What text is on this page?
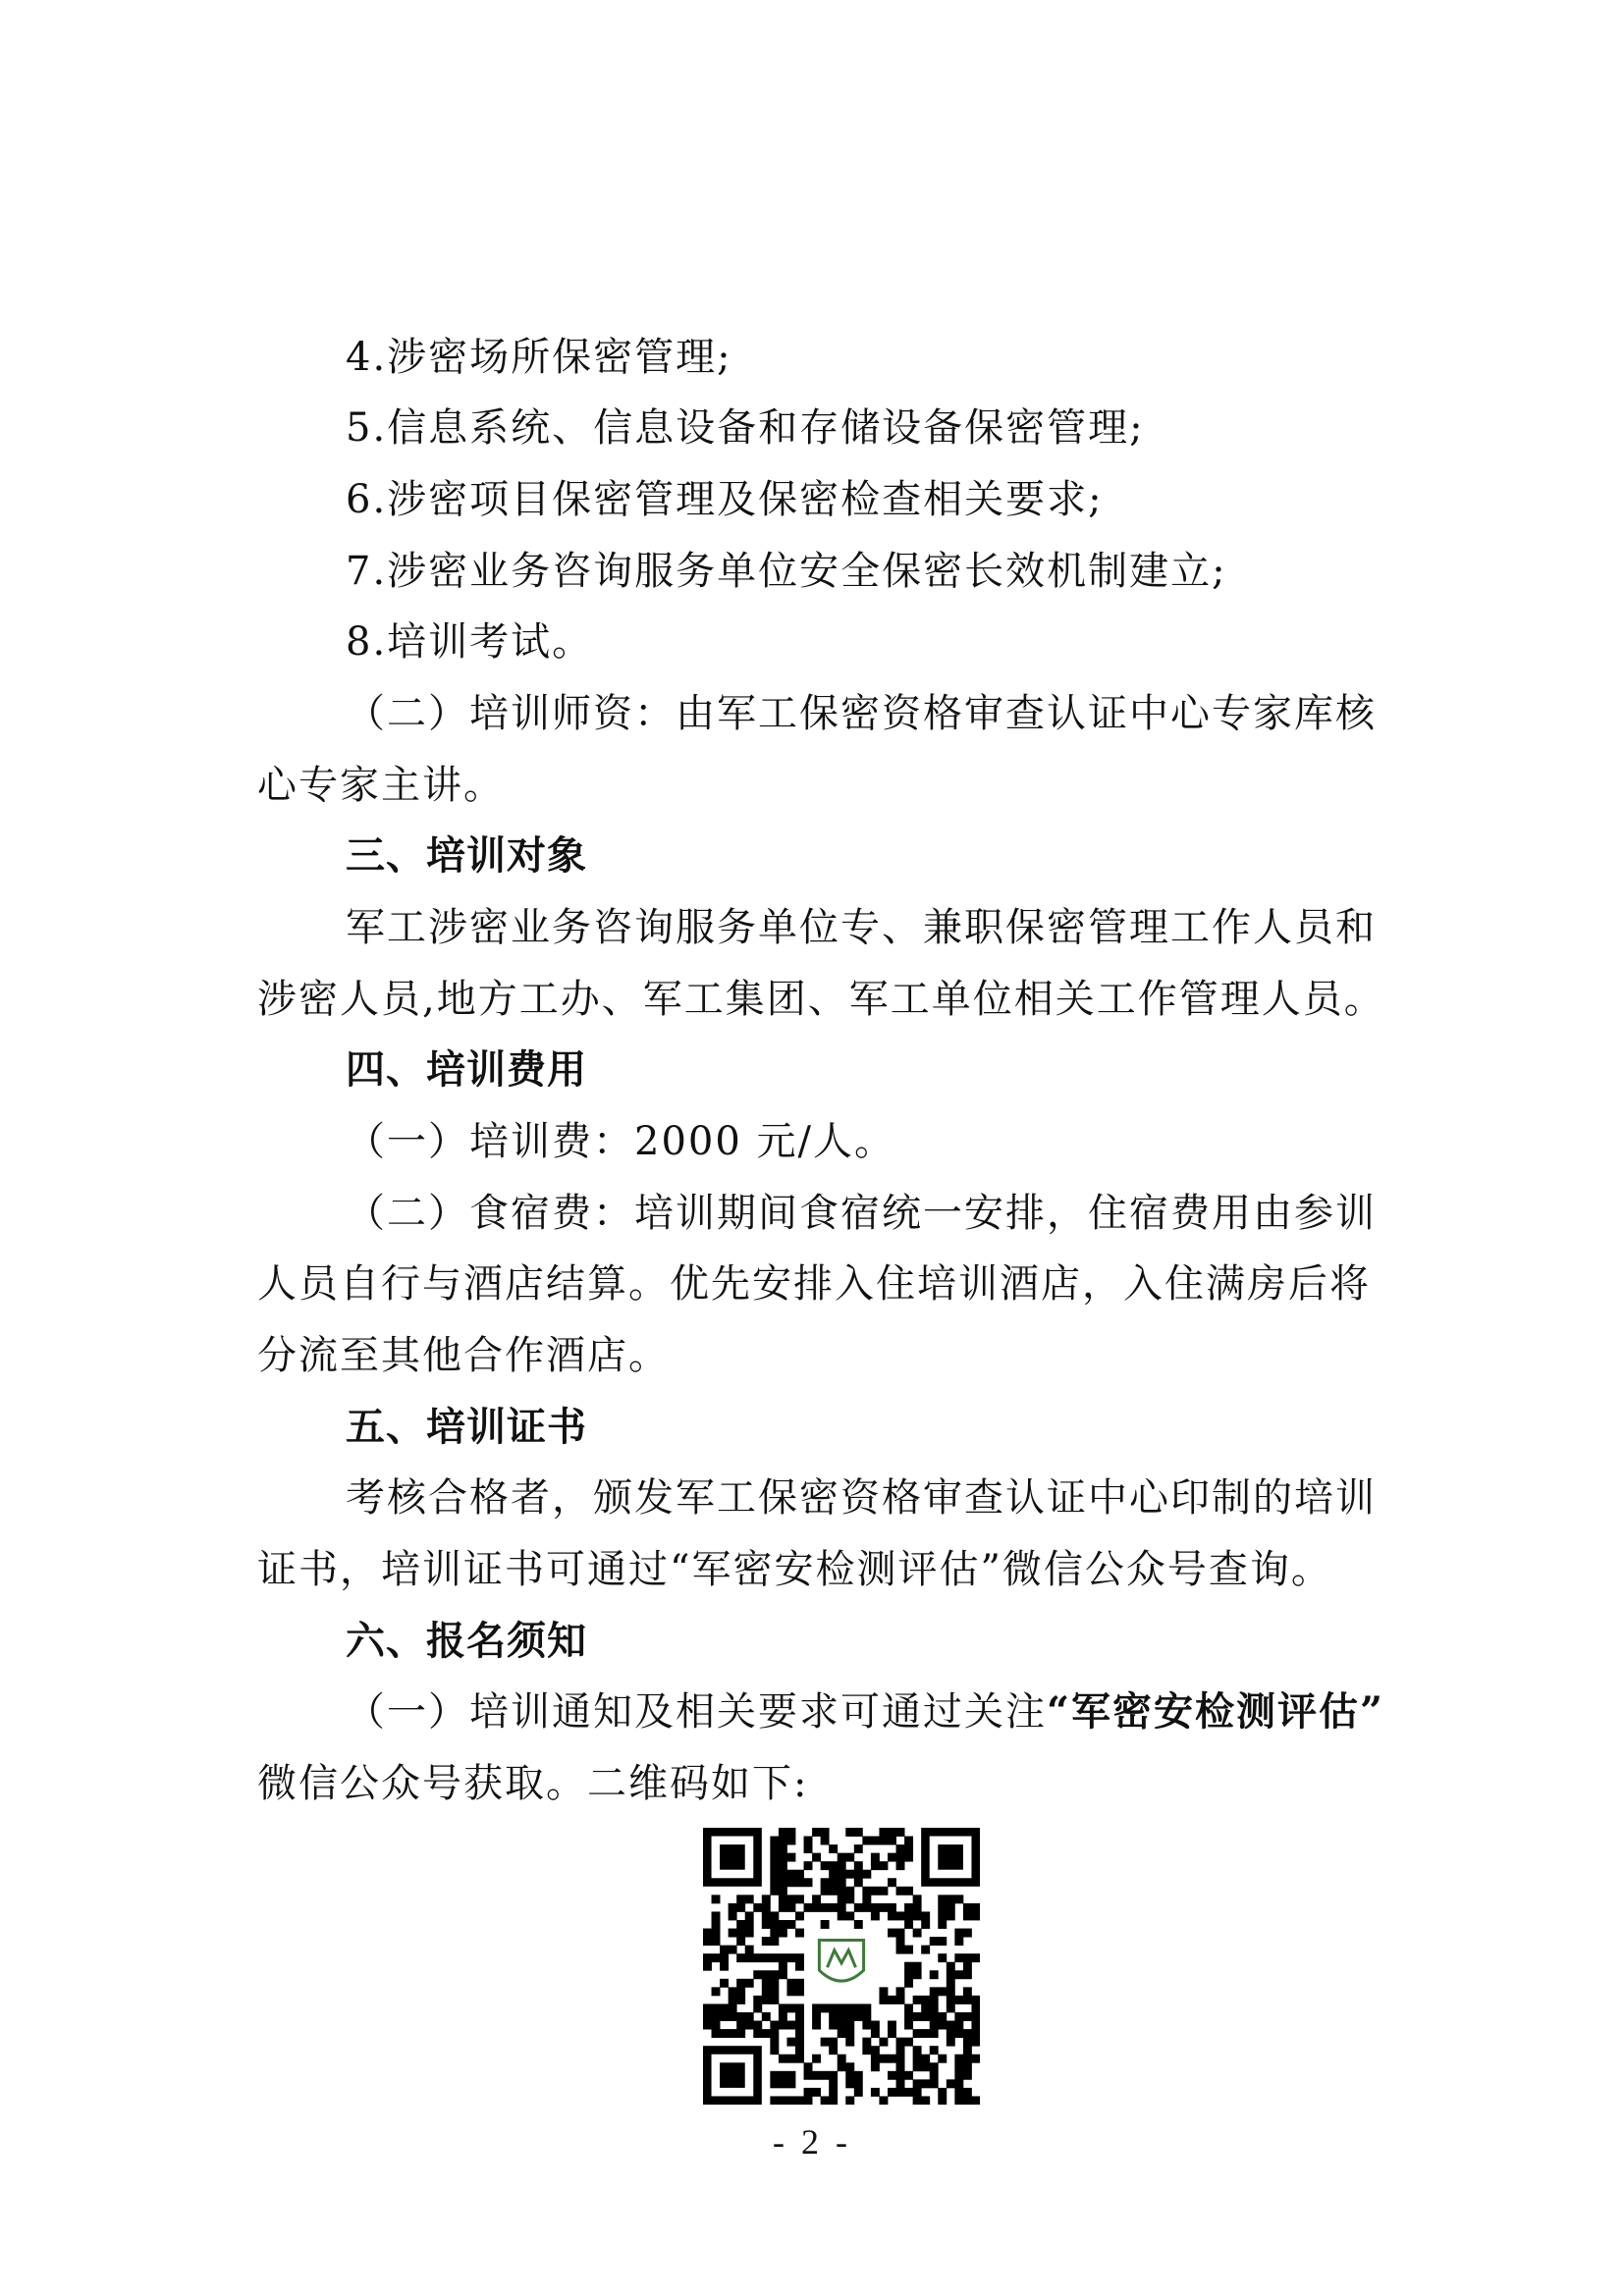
4.涉密场所保密管理;
5.信息系统、信息设备和存储设备保密管理;
6.涉密项目保密管理及保密检查相关要求;
7.涉密业务咨询服务单位安全保密长效机制建立;
8.培训考试。
（二）培训师资：由军工保密资格审查认证中心专家库核
心专家主讲。
三、培训对象
军工涉密业务咨询服务单位专、兼职保密管理工作人员和
涉密人员,地方工办、军工集团、军工单位相关工作管理人员。
四、培训费用
（一）培训费：2000 元/人。
（二）食宿费：培训期间食宿统一安排，住宿费用由参训
人员自行与酒店结算。优先安排入住培训酒店，入住满房后将
分流至其他合作酒店。
五、培训证书
考核合格者，颁发军工保密资格审查认证中心印制的培训
证书，培训证书可通过“军密安检测评估”微信公众号查询。
六、报名须知
（一）培训通知及相关要求可通过关注“军密安检测评估”
微信公众号获取。二维码如下:
- 2 -
